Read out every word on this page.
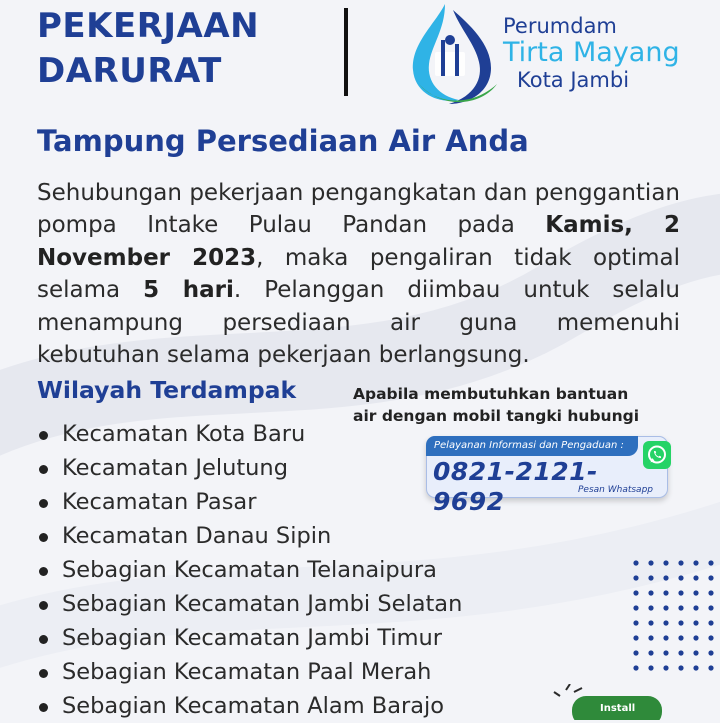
PEKERJAAN
DARURAT
Perumdam
Tirta Mayang
Kota Jambi
Tampung Persediaan Air Anda

Sehubungan pekerjaan pengangkatan dan penggantian pompa Intake Pulau Pandan pada Kamis, 2 November 2023, maka pengaliran tidak optimal selama 5 hari. Pelanggan diimbau untuk selalu menampung persediaan air guna memenuhi kebutuhan selama pekerjaan berlangsung.

Wilayah Terdampak
Kecamatan Kota Baru
Kecamatan Jelutung
Kecamatan Pasar
Kecamatan Danau Sipin
Sebagian Kecamatan Telanaipura
Sebagian Kecamatan Jambi Selatan
Sebagian Kecamatan Jambi Timur
Sebagian Kecamatan Paal Merah
Sebagian Kecamatan Alam Barajo

Apabila membutuhkan bantuan
air dengan mobil tangki hubungi

Pelayanan Informasi dan Pengaduan :
0821-2121-9692	Pesan Whatsapp
Install
